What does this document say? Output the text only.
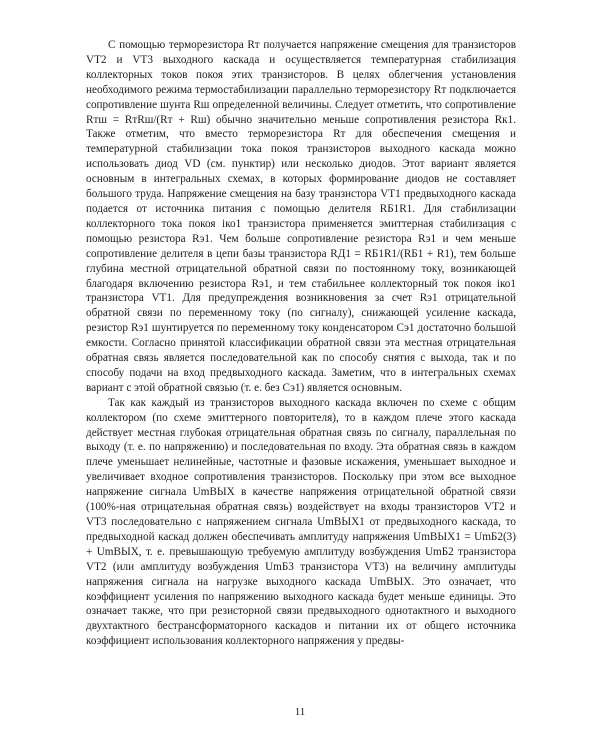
С помощью терморезистора Rт получается напряжение смещения для транзисторов VT2 и VT3 выходного каскада и осуществляется температурная стабилизация коллекторных токов покоя этих транзисторов. В целях облегчения установления необходимого режима термостабилизации параллельно терморезистору Rт подключается сопротивление шунта Rш определенной величины. Следует отметить, что сопротивление Rтш = RтRш/(Rт + Rш) обычно значительно меньше сопротивления резистора Rк1. Также отметим, что вместо терморезистора Rт для обеспечения смещения и температурной стабилизации тока покоя транзисторов выходного каскада можно использовать диод VD (см. пунктир) или несколько диодов. Этот вариант является основным в интегральных схемах, в которых формирование диодов не составляет большого труда. Напряжение смещения на базу транзистора VT1 предвыходного каскада подается от источника питания с помощью делителя RБ1R1. Для стабилизации коллекторного тока покоя iко1 транзистора применяется эмиттерная стабилизация с помощью резистора Rэ1. Чем больше сопротивление резистора Rэ1 и чем меньше сопротивление делителя в цепи базы транзистора RД1 = RБ1R1/(RБ1 + R1), тем больше глубина местной отрицательной обратной связи по постоянному току, возникающей благодаря включению резистора Rэ1, и тем стабильнее коллекторный ток покоя iко1 транзистора VT1. Для предупреждения возникновения за счет Rэ1 отрицательной обратной связи по переменному току (по сигналу), снижающей усиление каскада, резистор Rэ1 шунтируется по переменному току конденсатором Сэ1 достаточно большой емкости. Согласно принятой классификации обратной связи эта местная отрицательная обратная связь является последовательной как по способу снятия с выхода, так и по способу подачи на вход предвыходного каскада. Заметим, что в интегральных схемах вариант с этой обратной связью (т. е. без Сэ1) является основным.

Так как каждый из транзисторов выходного каскада включен по схеме с общим коллектором (по схеме эмиттерного повторителя), то в каждом плече этого каскада действует местная глубокая отрицательная обратная связь по сигналу, параллельная по выходу (т. е. по напряжению) и последовательная по входу. Эта обратная связь в каждом плече уменьшает нелинейные, частотные и фазовые искажения, уменьшает выходное и увеличивает входное сопротивления транзисторов. Поскольку при этом все выходное напряжение сигнала UmВЫХ в качестве напряжения отрицательной обратной связи (100%-ная отрицательная обратная связь) воздействует на входы транзисторов VT2 и VT3 последовательно с напряжением сигнала UmВЫХ1 от предвыходного каскада, то предвыходной каскад должен обеспечивать амплитуду напряжения UmВЫХ1 = UmБ2(3) + UmВЫХ, т. е. превышающую требуемую амплитуду возбуждения UmБ2 транзистора VT2 (или амплитуду возбуждения UmБ3 транзистора VT3) на величину амплитуды напряжения сигнала на нагрузке выходного каскада UmВЫХ. Это означает, что коэффициент усиления по напряжению выходного каскада будет меньше единицы. Это означает также, что при резисторной связи предвыходного однотактного и выходного двухтактного бестрансформаторного каскадов и питании их от общего источника коэффициент использования коллекторного напряжения у предвы-

11
